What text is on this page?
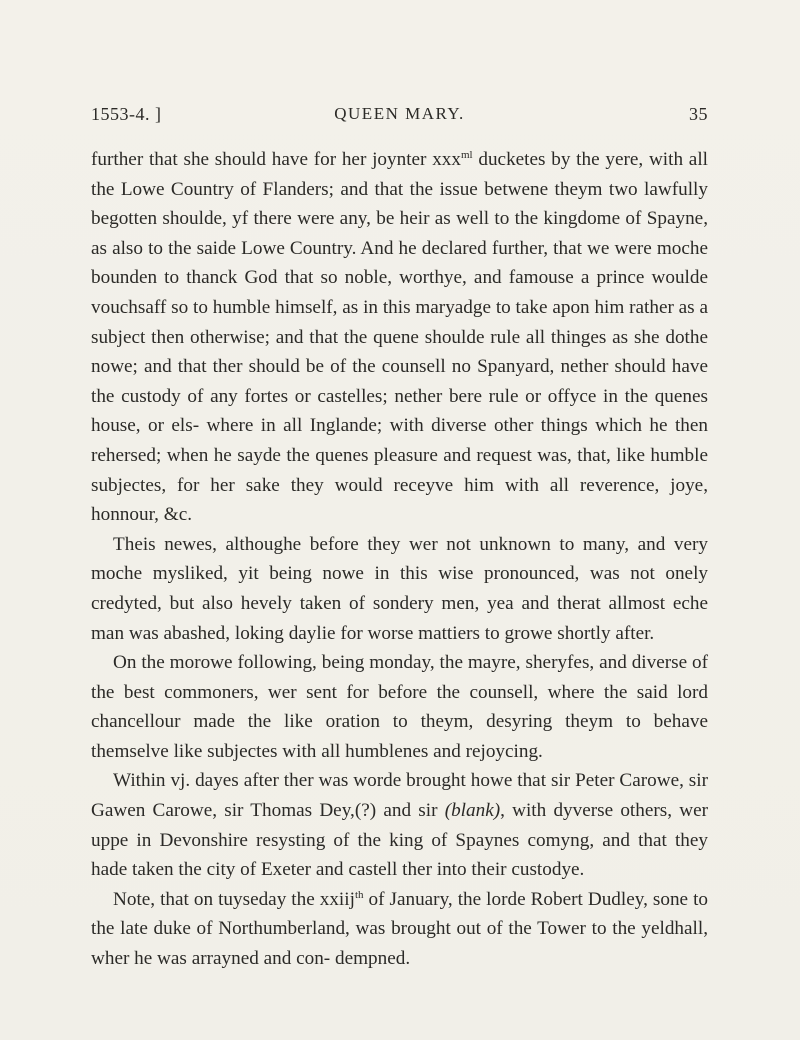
1553-4. ]	QUEEN MARY.	35

further that she should have for her joynter xxx$^{ml}$ ducketes by the yere, with all the Lowe Country of Flanders; and that the issue betwene theym two lawfully begotten shoulde, yf there were any, be heir as well to the kingdome of Spayne, as also to the saide Lowe Country. And he declared further, that we were moche bounden to thanck God that so noble, worthye, and famouse a prince woulde vouchsaff so to humble himself, as in this maryadge to take apon him rather as a subject then otherwise; and that the quene shoulde rule all thinges as she dothe nowe; and that ther should be of the counsell no Spanyard, nether should have the custody of any fortes or castelles; nether bere rule or offyce in the quenes house, or els- where in all Inglande; with diverse other things which he then rehersed; when he sayde the quenes pleasure and request was, that, like humble subjectes, for her sake they would receyve him with all reverence, joye, honnour, &c.

Theis newes, althoughe before they wer not unknown to many, and very moche mysliked, yit being nowe in this wise pronounced, was not onely credyted, but also hevely taken of sondery men, yea and therat allmost eche man was abashed, loking daylie for worse mattiers to growe shortly after.

On the morowe following, being monday, the mayre, sheryfes, and diverse of the best commoners, wer sent for before the counsell, where the said lord chancellour made the like oration to theym, desyring theym to behave themselve like subjectes with all humblenes and rejoycing.

Within vj. dayes after ther was worde brought howe that sir Peter Carowe, sir Gawen Carowe, sir Thomas Dey,(?) and sir (blank), with dyverse others, wer uppe in Devonshire resysting of the king of Spaynes comyng, and that they hade taken the city of Exeter and castell ther into their custodye.

Note, that on tuyseday the xxiij$^{th}$ of January, the lorde Robert Dudley, sone to the late duke of Northumberland, was brought out of the Tower to the yeldhall, wher he was arrayned and con- dempned.
